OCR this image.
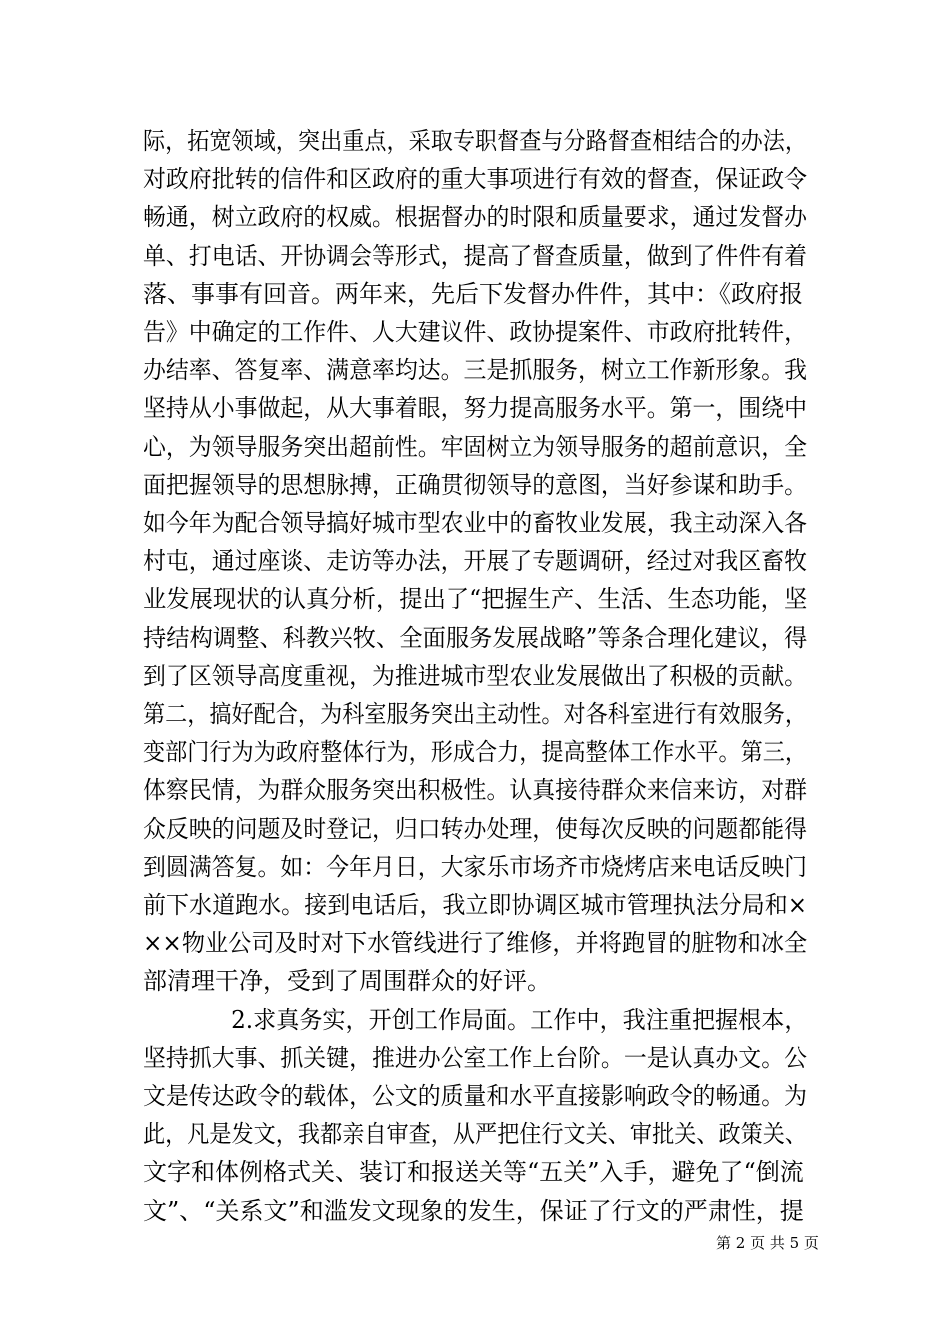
际，拓宽领域，突出重点，采取专职督查与分路督查相结合的办法，
对政府批转的信件和区政府的重大事项进行有效的督查，保证政令
畅通，树立政府的权威。根据督办的时限和质量要求，通过发督办
单、打电话、开协调会等形式，提高了督查质量，做到了件件有着
落、事事有回音。两年来，先后下发督办件件，其中：《政府报
告》中确定的工作件、人大建议件、政协提案件、市政府批转件，
办结率、答复率、满意率均达。三是抓服务，树立工作新形象。我
坚持从小事做起，从大事着眼，努力提高服务水平。第一，围绕中
心，为领导服务突出超前性。牢固树立为领导服务的超前意识，全
面把握领导的思想脉搏，正确贯彻领导的意图，当好参谋和助手。
如今年为配合领导搞好城市型农业中的畜牧业发展，我主动深入各
村屯，通过座谈、走访等办法，开展了专题调研，经过对我区畜牧
业发展现状的认真分析，提出了“把握生产、生活、生态功能，坚
持结构调整、科教兴牧、全面服务发展战略”等条合理化建议，得
到了区领导高度重视，为推进城市型农业发展做出了积极的贡献。
第二，搞好配合，为科室服务突出主动性。对各科室进行有效服务，
变部门行为为政府整体行为，形成合力，提高整体工作水平。第三，
体察民情，为群众服务突出积极性。认真接待群众来信来访，对群
众反映的问题及时登记，归口转办处理，使每次反映的问题都能得
到圆满答复。如：今年月日，大家乐市场齐市烧烤店来电话反映门
前下水道跑水。接到电话后，我立即协调区城市管理执法分局和×
××物业公司及时对下水管线进行了维修，并将跑冒的脏物和冰全
部清理干净，受到了周围群众的好评。
2.求真务实，开创工作局面。工作中，我注重把握根本，
坚持抓大事、抓关键，推进办公室工作上台阶。一是认真办文。公
文是传达政令的载体，公文的质量和水平直接影响政令的畅通。为
此，凡是发文，我都亲自审查，从严把住行文关、审批关、政策关、
文字和体例格式关、装订和报送关等“五关”入手，避免了“倒流
文”、“关系文”和滥发文现象的发生，保证了行文的严肃性，提
第 2 页 共 5 页
